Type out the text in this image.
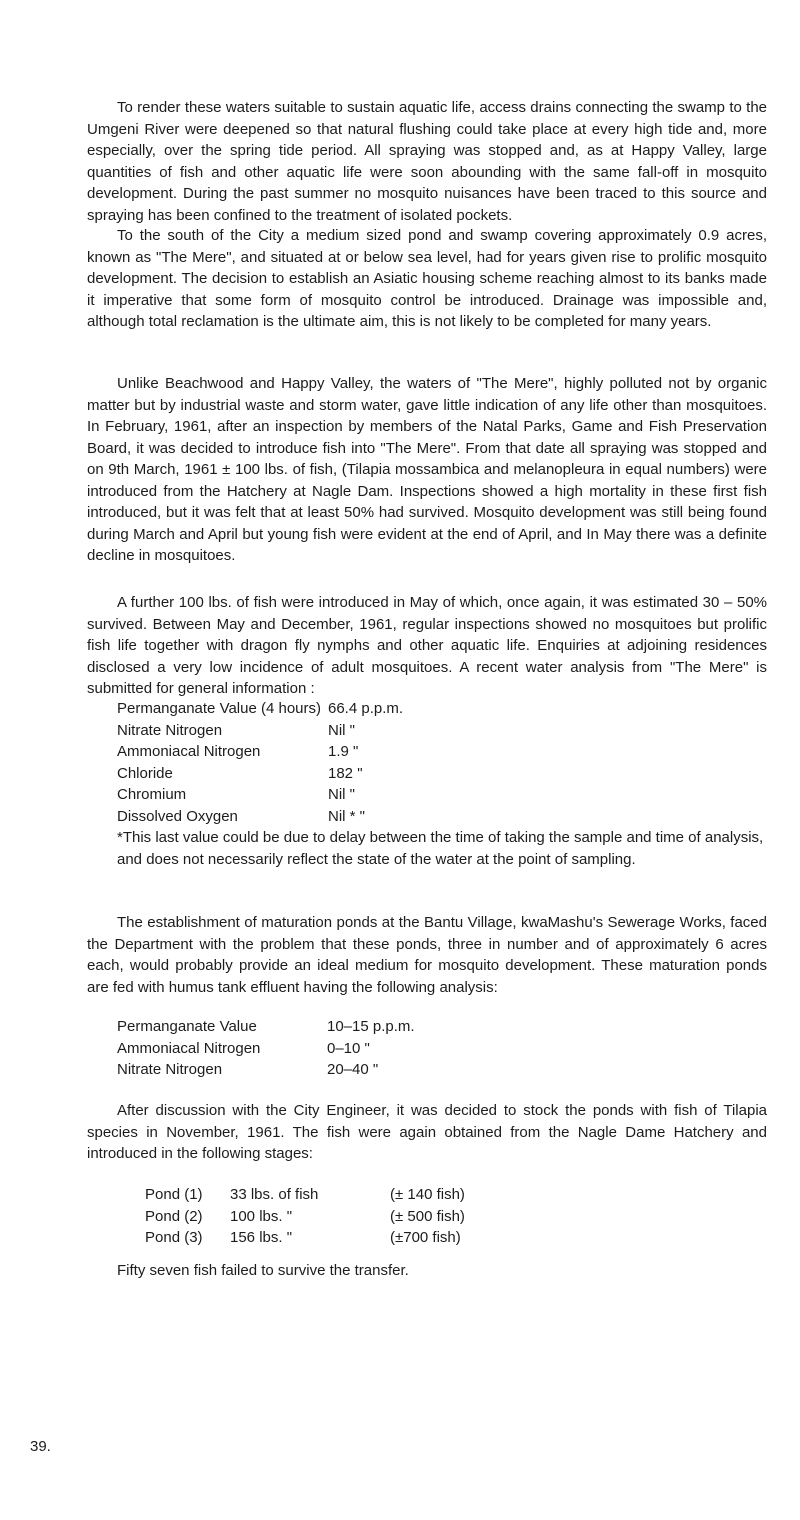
To render these waters suitable to sustain aquatic life, access drains connecting the swamp to the Umgeni River were deepened so that natural flushing could take place at every high tide and, more especially, over the spring tide period. All spraying was stopped and, as at Happy Valley, large quantities of fish and other aquatic life were soon abounding with the same fall-off in mosquito development. During the past summer no mosquito nuisances have been traced to this source and spraying has been confined to the treatment of isolated pockets.

To the south of the City a medium sized pond and swamp covering approximately 0.9 acres, known as "The Mere", and situated at or below sea level, had for years given rise to prolific mosquito development. The decision to establish an Asiatic housing scheme reaching almost to its banks made it imperative that some form of mosquito control be introduced. Drainage was impossible and, although total reclamation is the ultimate aim, this is not likely to be completed for many years.

Unlike Beachwood and Happy Valley, the waters of "The Mere", highly polluted not by organic matter but by industrial waste and storm water, gave little indication of any life other than mosquitoes. In February, 1961, after an inspection by members of the Natal Parks, Game and Fish Preservation Board, it was decided to introduce fish into "The Mere". From that date all spraying was stopped and on 9th March, 1961 ± 100 lbs. of fish, (Tilapia mossambica and melanopleura in equal numbers) were introduced from the Hatchery at Nagle Dam. Inspections showed a high mortality in these first fish introduced, but it was felt that at least 50% had survived. Mosquito development was still being found during March and April but young fish were evident at the end of April, and In May there was a definite decline in mosquitoes.

A further 100 lbs. of fish were introduced in May of which, once again, it was estimated 30 – 50% survived. Between May and December, 1961, regular inspections showed no mosquitoes but prolific fish life together with dragon fly nymphs and other aquatic life. Enquiries at adjoining residences disclosed a very low incidence of adult mosquitoes. A recent water analysis from "The Mere" is submitted for general information :

Permanganate Value (4 hours) 66.4 p.p.m.
Nitrate Nitrogen	Nil "
Ammoniacal Nitrogen	1.9 "
Chloride	182 "
Chromium	Nil "
Dissolved Oxygen	Nil * "

*This last value could be due to delay between the time of taking the sample and time of analysis, and does not necessarily reflect the state of the water at the point of sampling.

The establishment of maturation ponds at the Bantu Village, kwaMashu's Sewerage Works, faced the Department with the problem that these ponds, three in number and of approximately 6 acres each, would probably provide an ideal medium for mosquito development. These maturation ponds are fed with humus tank effluent having the following analysis:

Permanganate Value	10–15 p.p.m.
Ammoniacal Nitrogen	0–10 "
Nitrate Nitrogen	20–40 "

After discussion with the City Engineer, it was decided to stock the ponds with fish of Tilapia species in November, 1961. The fish were again obtained from the Nagle Dame Hatchery and introduced in the following stages:

Pond (1)	33 lbs. of fish	(± 140 fish)
Pond (2)	100 lbs. "	(± 500 fish)
Pond (3)	156 lbs. "	(±700 fish)

Fifty seven fish failed to survive the transfer.

39.
